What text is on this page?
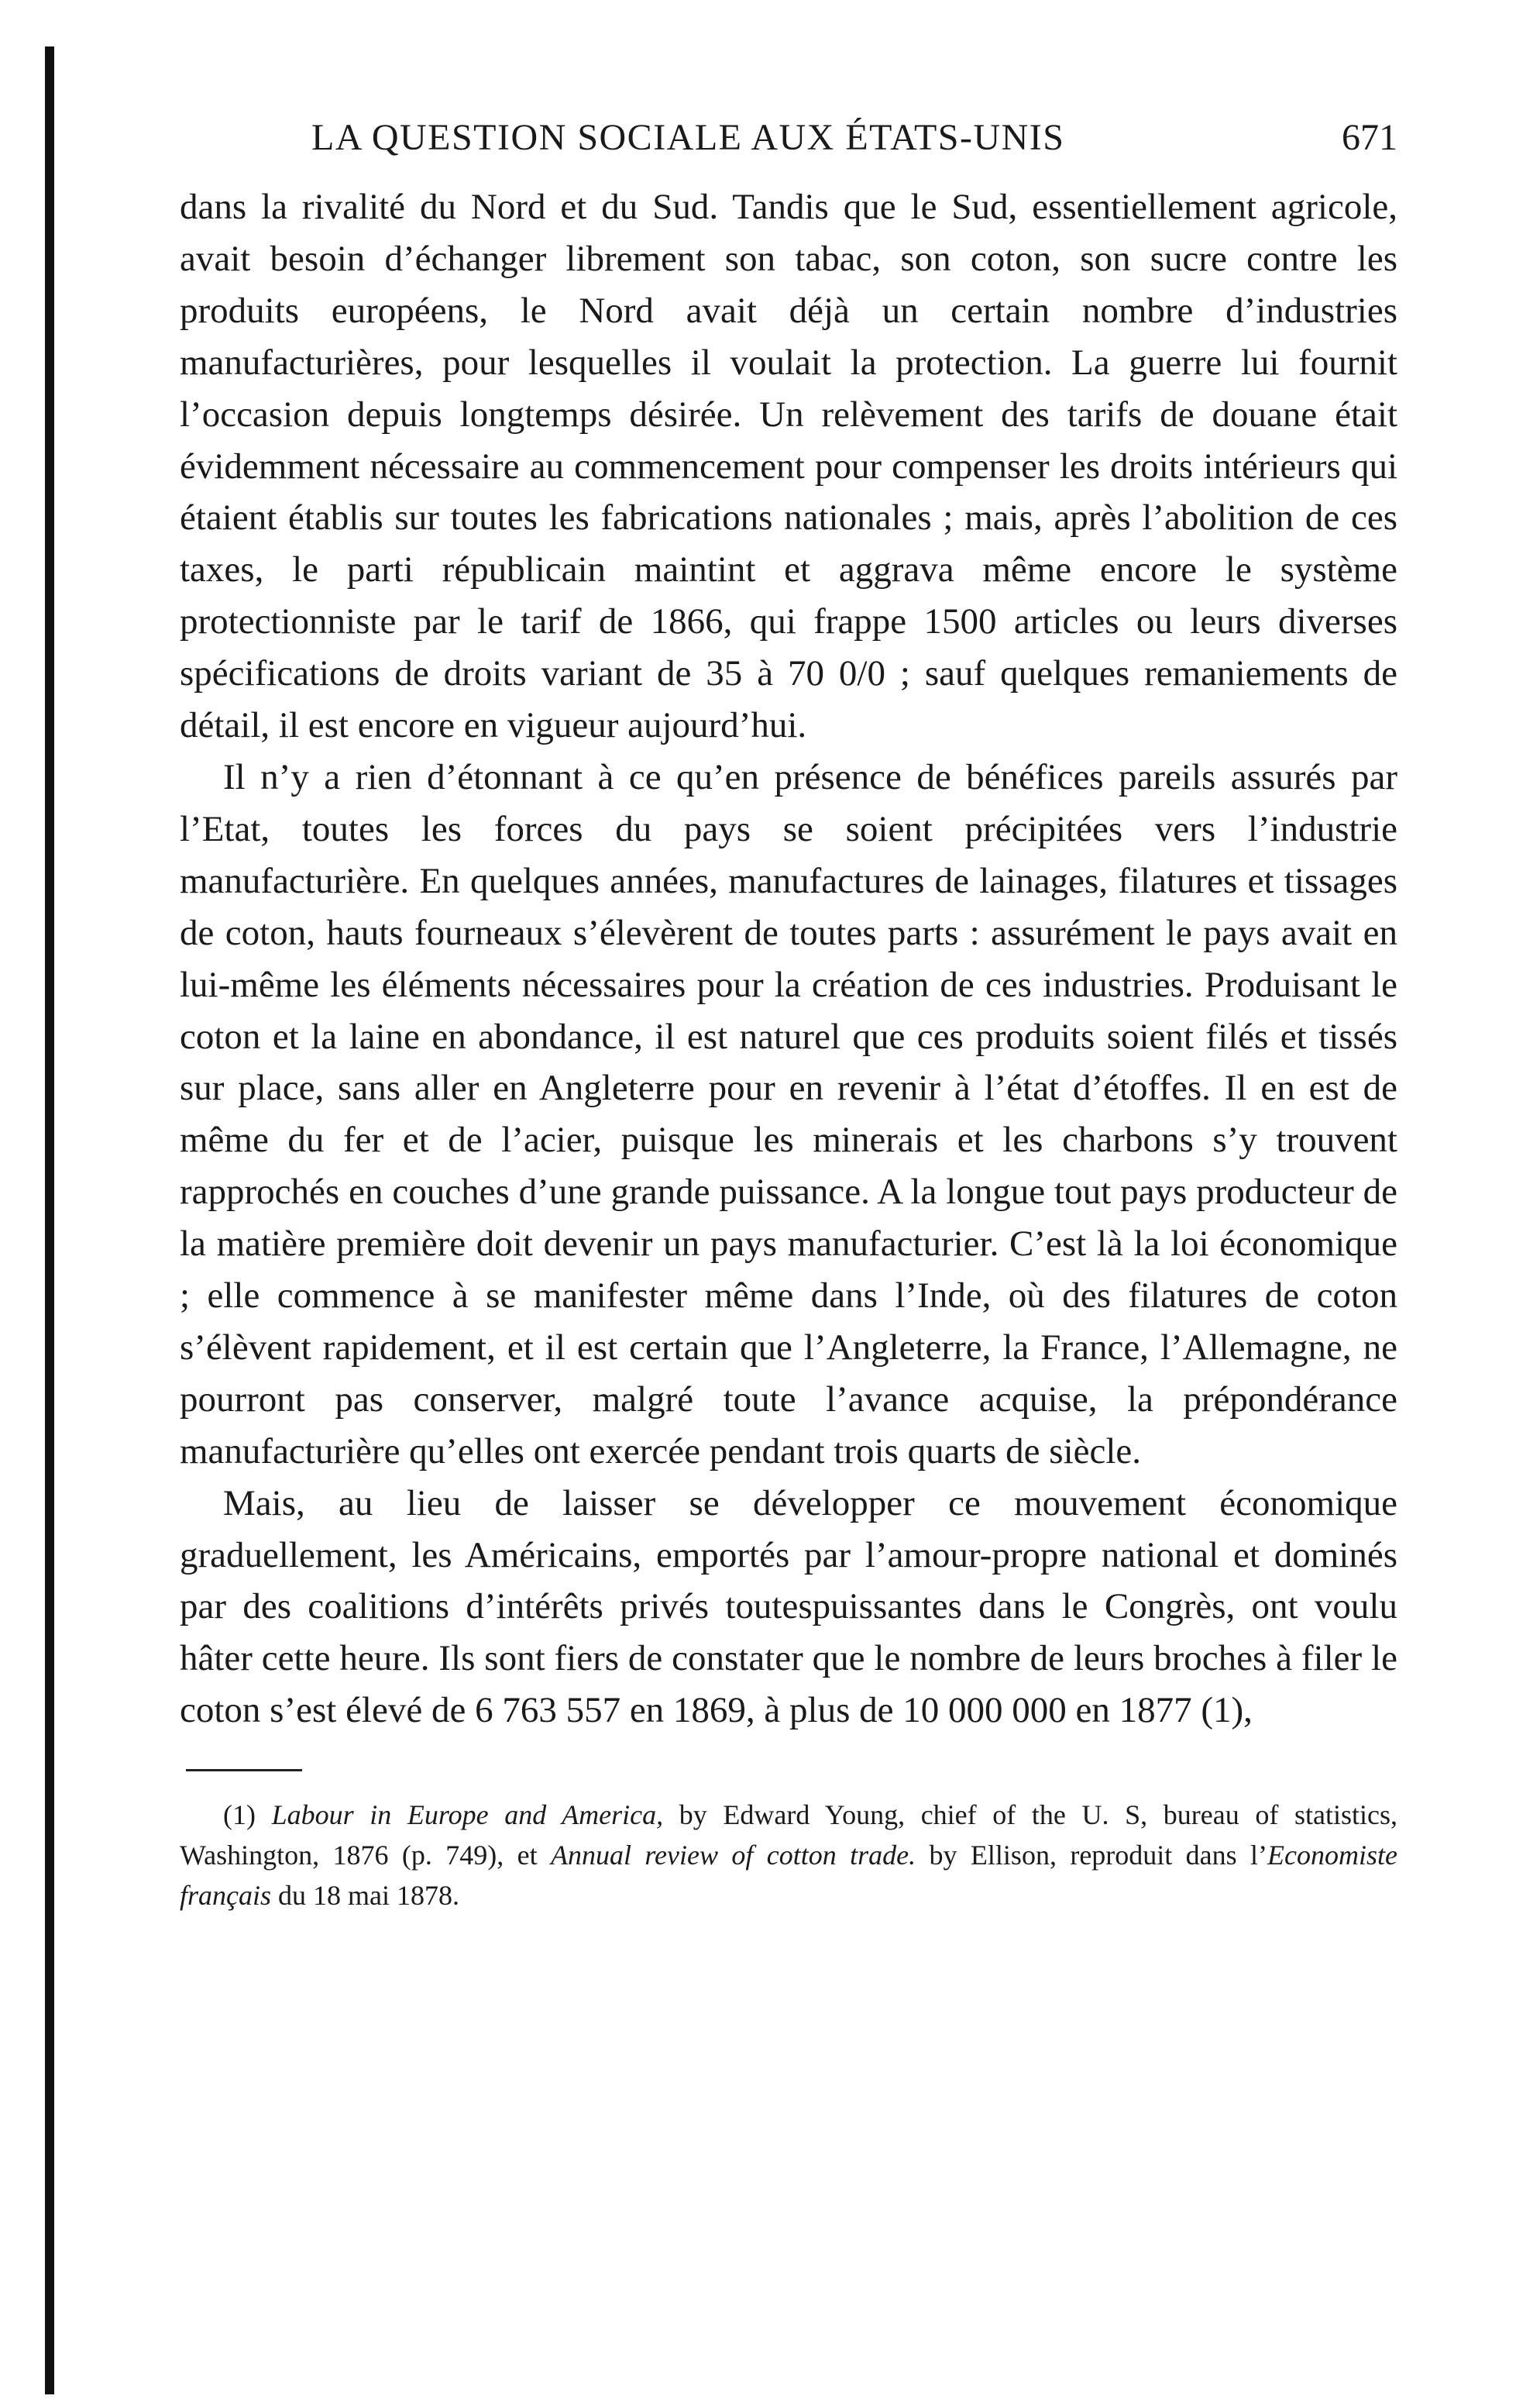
LA QUESTION SOCIALE AUX ÉTATS-UNIS	671

dans la rivalité du Nord et du Sud. Tandis que le Sud, essentiellement agricole, avait besoin d’échanger librement son tabac, son coton, son sucre contre les produits européens, le Nord avait déjà un certain nombre d’industries manufacturières, pour lesquelles il voulait la protection. La guerre lui fournit l’occasion depuis longtemps désirée. Un relèvement des tarifs de douane était évidemment nécessaire au commencement pour compenser les droits intérieurs qui étaient établis sur toutes les fabrications nationales ; mais, après l’abolition de ces taxes, le parti républicain maintint et aggrava même encore le système protectionniste par le tarif de 1866, qui frappe 1500 articles ou leurs diverses spécifications de droits variant de 35 à 70 0/0 ; sauf quelques remaniements de détail, il est encore en vigueur aujourd’hui.

Il n’y a rien d’étonnant à ce qu’en présence de bénéfices pareils assurés par l’Etat, toutes les forces du pays se soient précipitées vers l’industrie manufacturière. En quelques années, manufactures de lainages, filatures et tissages de coton, hauts fourneaux s’élevèrent de toutes parts : assurément le pays avait en lui-même les éléments nécessaires pour la création de ces industries. Produisant le coton et la laine en abondance, il est naturel que ces produits soient filés et tissés sur place, sans aller en Angleterre pour en revenir à l’état d’étoffes. Il en est de même du fer et de l’acier, puisque les minerais et les charbons s’y trouvent rapprochés en couches d’une grande puissance. A la longue tout pays producteur de la matière première doit devenir un pays manufacturier. C’est là la loi économique ; elle commence à se manifester même dans l’Inde, où des filatures de coton s’élèvent rapidement, et il est certain que l’Angleterre, la France, l’Allemagne, ne pourront pas conserver, malgré toute l’avance acquise, la prépondérance manufacturière qu’elles ont exercée pendant trois quarts de siècle.

Mais, au lieu de laisser se développer ce mouvement économique graduellement, les Américains, emportés par l’amour-propre national et dominés par des coalitions d’intérêts privés toutespuissantes dans le Congrès, ont voulu hâter cette heure. Ils sont fiers de constater que le nombre de leurs broches à filer le coton s’est élevé de 6 763 557 en 1869, à plus de 10 000 000 en 1877 (1),

(1) Labour in Europe and America, by Edward Young, chief of the U. S, bureau of statistics, Washington, 1876 (p. 749), et Annual review of cotton trade. by Ellison, reproduit dans l’Economiste français du 18 mai 1878.
